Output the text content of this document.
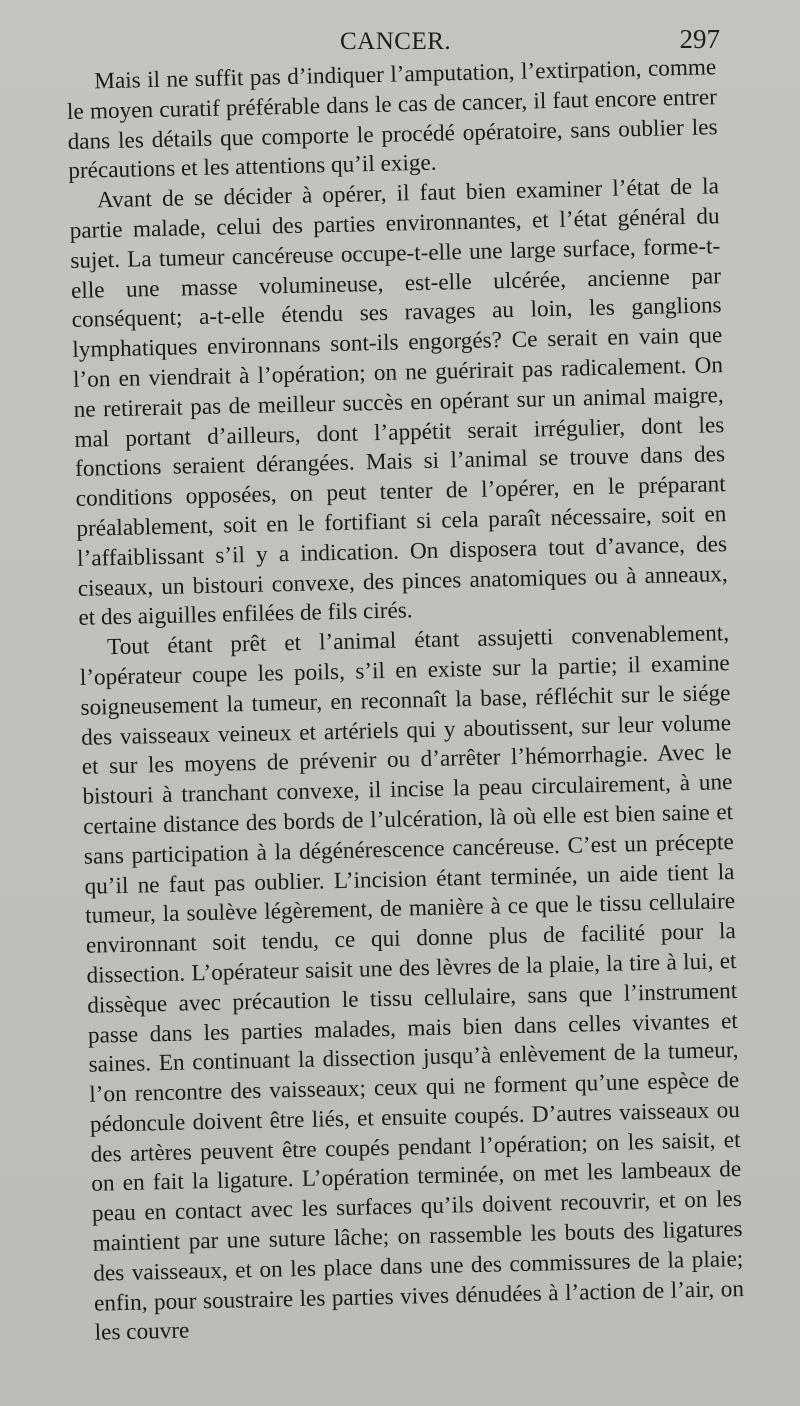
CANCER.	297

Mais il ne suffit pas d’indiquer l’amputation, l’extirpation, comme le moyen curatif préférable dans le cas de cancer, il faut encore entrer dans les détails que comporte le procédé opératoire, sans oublier les précautions et les attentions qu’il exige.

Avant de se décider à opérer, il faut bien examiner l’état de la partie malade, celui des parties environnantes, et l’état général du sujet. La tumeur cancéreuse occupe-t-elle une large surface, forme-t-elle une masse volumineuse, est-elle ulcérée, ancienne par conséquent; a-t-elle étendu ses ravages au loin, les ganglions lymphatiques environnans sont-ils engorgés? Ce serait en vain que l’on en viendrait à l’opération; on ne guérirait pas radicalement. On ne retirerait pas de meilleur succès en opérant sur un animal maigre, mal portant d’ailleurs, dont l’appétit serait irrégulier, dont les fonctions seraient dérangées. Mais si l’animal se trouve dans des conditions opposées, on peut tenter de l’opérer, en le préparant préalablement, soit en le fortifiant si cela paraît nécessaire, soit en l’affaiblissant s’il y a indication. On disposera tout d’avance, des ciseaux, un bistouri convexe, des pinces anatomiques ou à anneaux, et des aiguilles enfilées de fils cirés.

Tout étant prêt et l’animal étant assujetti convenablement, l’opérateur coupe les poils, s’il en existe sur la partie; il examine soigneusement la tumeur, en reconnaît la base, réfléchit sur le siége des vaisseaux veineux et artériels qui y aboutissent, sur leur volume et sur les moyens de prévenir ou d’arrêter l’hémorrhagie. Avec le bistouri à tranchant convexe, il incise la peau circulairement, à une certaine distance des bords de l’ulcération, là où elle est bien saine et sans participation à la dégénérescence cancéreuse. C’est un précepte qu’il ne faut pas oublier. L’incision étant terminée, un aide tient la tumeur, la soulève légèrement, de manière à ce que le tissu cellulaire environnant soit tendu, ce qui donne plus de facilité pour la dissection. L’opérateur saisit une des lèvres de la plaie, la tire à lui, et dissèque avec précaution le tissu cellulaire, sans que l’instrument passe dans les parties malades, mais bien dans celles vivantes et saines. En continuant la dissection jusqu’à enlèvement de la tumeur, l’on rencontre des vaisseaux; ceux qui ne forment qu’une espèce de pédoncule doivent être liés, et ensuite coupés. D’autres vaisseaux ou des artères peuvent être coupés pendant l’opération; on les saisit, et on en fait la ligature. L’opération terminée, on met les lambeaux de peau en contact avec les surfaces qu’ils doivent recouvrir, et on les maintient par une suture lâche; on rassemble les bouts des ligatures des vaisseaux, et on les place dans une des commissures de la plaie; enfin, pour soustraire les parties vives dénudées à l’action de l’air, on les couvre
